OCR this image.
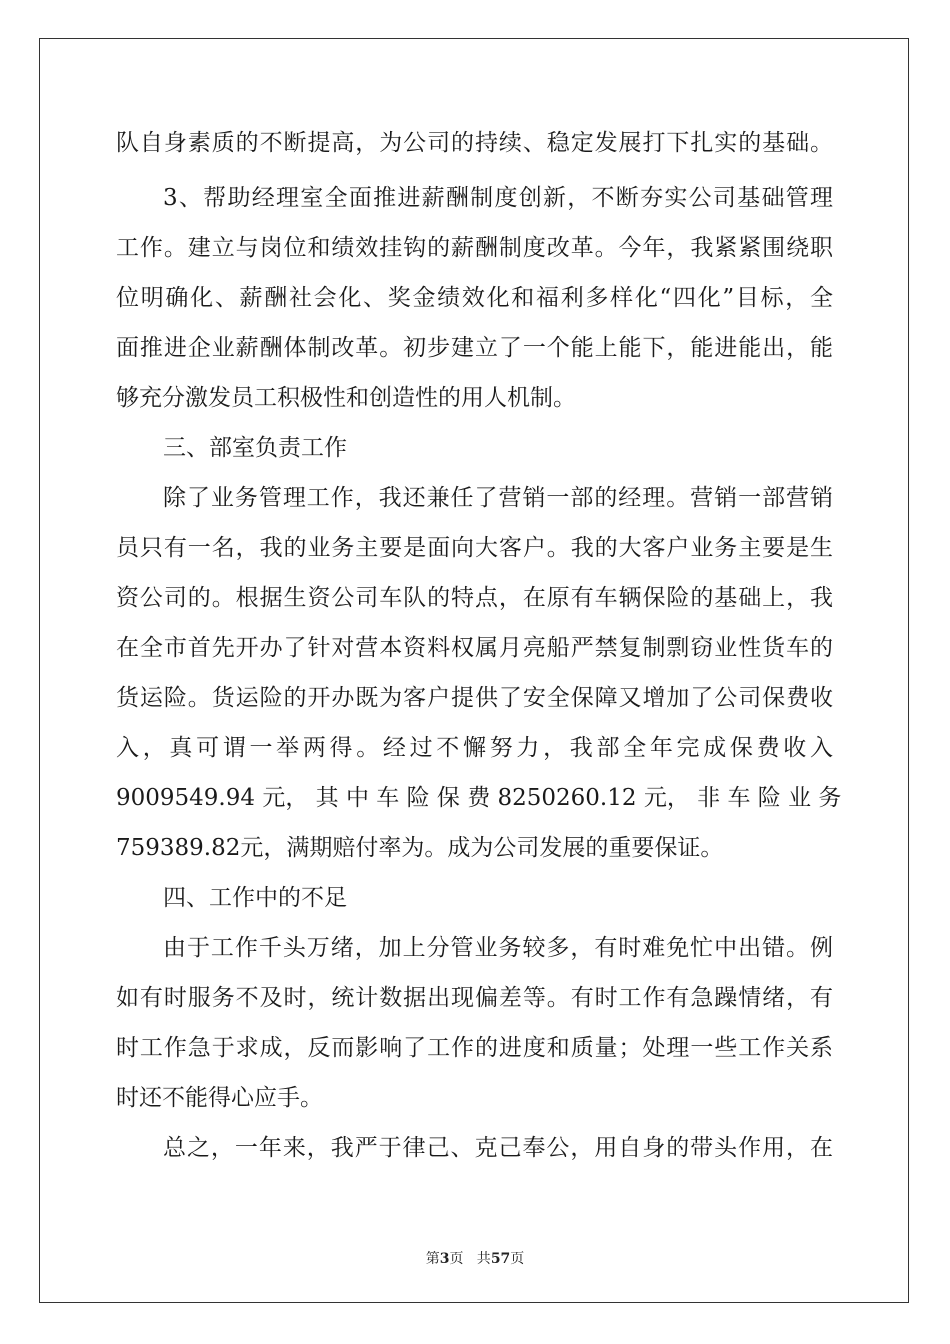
队自身素质的不断提高，为公司的持续、稳定发展打下扎实的基础。
3、帮助经理室全面推进薪酬制度创新，不断夯实公司基础管理
工作。建立与岗位和绩效挂钩的薪酬制度改革。今年，我紧紧围绕职
位明确化、薪酬社会化、奖金绩效化和福利多样化“四化”目标，全
面推进企业薪酬体制改革。初步建立了一个能上能下，能进能出，能
够充分激发员工积极性和创造性的用人机制。
三、部室负责工作
除了业务管理工作，我还兼任了营销一部的经理。营销一部营销
员只有一名，我的业务主要是面向大客户。我的大客户业务主要是生
资公司的。根据生资公司车队的特点，在原有车辆保险的基础上，我
在全市首先开办了针对营本资料权属月亮船严禁复制剽窃业性货车的
货运险。货运险的开办既为客户提供了安全保障又增加了公司保费收
入，真可谓一举两得。经过不懈努力，我部全年完成保费收入
9009549.94 元， 其 中 车 险 保 费 8250260.12 元， 非 车 险 业 务
759389.82元，满期赔付率为。成为公司发展的重要保证。
四、工作中的不足
由于工作千头万绪，加上分管业务较多，有时难免忙中出错。例
如有时服务不及时，统计数据出现偏差等。有时工作有急躁情绪，有
时工作急于求成，反而影响了工作的进度和质量；处理一些工作关系
时还不能得心应手。
总之，一年来，我严于律己、克己奉公，用自身的带头作用，在
第3页   共57页
